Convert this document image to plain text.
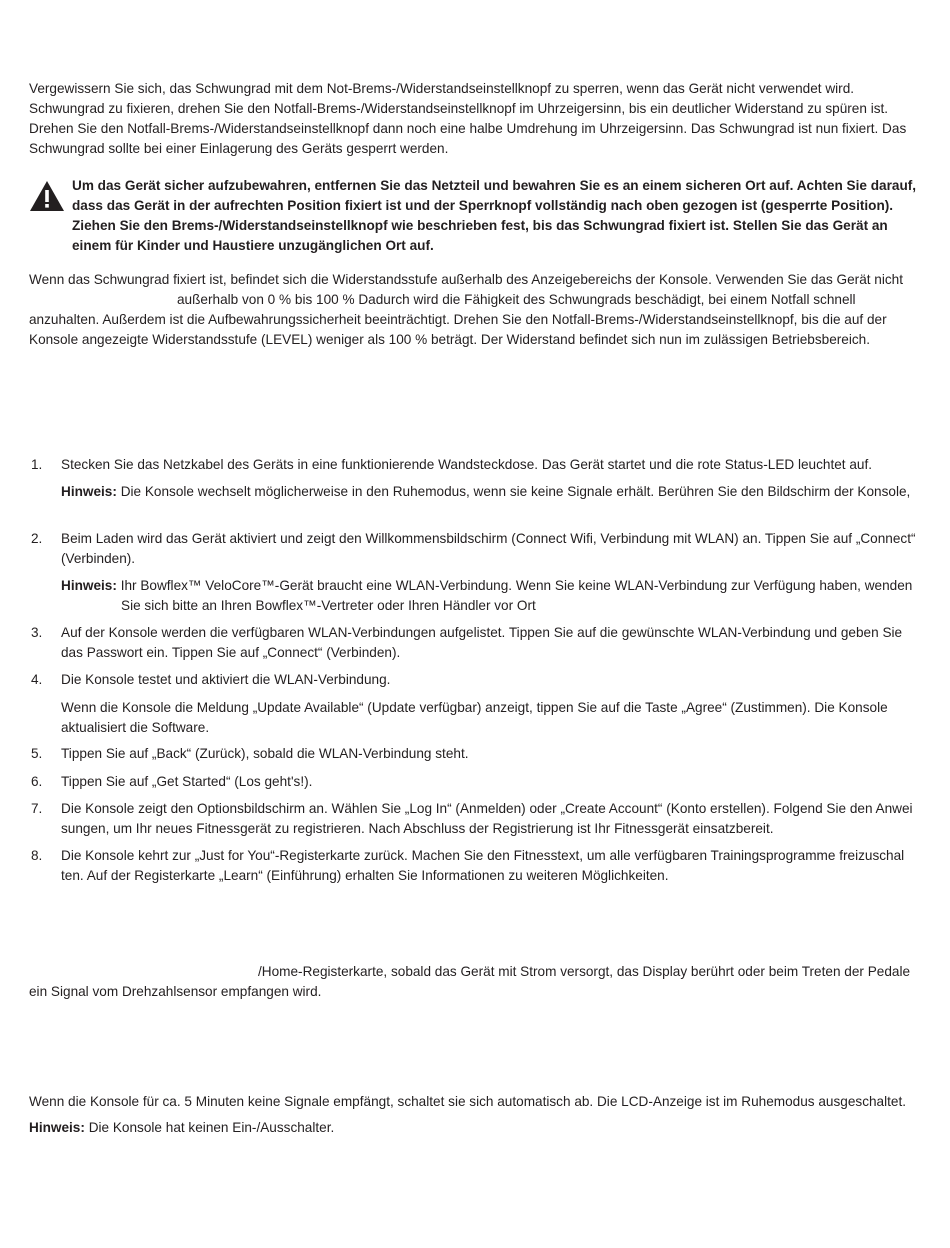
Vergewissern Sie sich, das Schwungrad mit dem Not-Brems-/Widerstandseinstellknopf zu sperren, wenn das Gerät nicht verwendet wird. Schwungrad zu fixieren, drehen Sie den Notfall-Brems-/Widerstandseinstellknopf im Uhrzeigersinn, bis ein deutlicher Widerstand zu spüren ist. Drehen Sie den Notfall-Brems-/Widerstandseinstellknopf dann noch eine halbe Umdrehung im Uhrzeigersinn. Das Schwungrad ist nun fixiert. Das Schwungrad sollte bei einer Einlagerung des Geräts gesperrt werden.

Um das Gerät sicher aufzubewahren, entfernen Sie das Netzteil und bewahren Sie es an einem sicheren Ort auf. Achten Sie darauf, dass das Gerät in der aufrechten Position fixiert ist und der Sperrknopf vollständig nach oben gezogen ist (gesperrte Position). Ziehen Sie den Brems-/Widerstandseinstellknopf wie beschrieben fest, bis das Schwungrad fixiert ist. Stellen Sie das Gerät an einem für Kinder und Haustiere unzugänglichen Ort auf.

Wenn das Schwungrad fixiert ist, befindet sich die Widerstandsstufe außerhalb des Anzeigebereichs der Konsole. Verwenden Sie das Gerät nicht

außerhalb von 0 % bis 100 % Dadurch wird die Fähigkeit des Schwungrads beschädigt, bei einem Notfall schnell

anzuhalten. Außerdem ist die Aufbewahrungssicherheit beeinträchtigt. Drehen Sie den Notfall-Brems-/Widerstandseinstellknopf, bis die auf der Konsole angezeigte Widerstandsstufe (LEVEL) weniger als 100 % beträgt. Der Widerstand befindet sich nun im zulässigen Betriebsbereich.

1.	Stecken Sie das Netzkabel des Geräts in eine funktionierende Wandsteckdose. Das Gerät startet und die rote Status-LED leuchtet auf.

Hinweis: Die Konsole wechselt möglicherweise in den Ruhemodus, wenn sie keine Signale erhält. Berühren Sie den Bildschirm der Konsole,

2.	Beim Laden wird das Gerät aktiviert und zeigt den Willkommensbildschirm (Connect Wifi, Verbindung mit WLAN) an. Tippen Sie auf „Connect“ (Verbinden).

Hinweis: Ihr Bowflex™ VeloCore™-Gerät braucht eine WLAN-Verbindung. Wenn Sie keine WLAN-Verbindung zur Verfügung haben, wenden

Sie sich bitte an Ihren Bowflex™-Vertreter oder Ihren Händler vor Ort

3.	Auf der Konsole werden die verfügbaren WLAN-Verbindungen aufgelistet. Tippen Sie auf die gewünschte WLAN-Verbindung und geben Sie das Passwort ein. Tippen Sie auf „Connect“ (Verbinden).

4.	Die Konsole testet und aktiviert die WLAN-Verbindung.

Wenn die Konsole die Meldung „Update Available“ (Update verfügbar) anzeigt, tippen Sie auf die Taste „Agree“ (Zustimmen). Die Konsole aktualisiert die Software.

5.	Tippen Sie auf „Back“ (Zurück), sobald die WLAN-Verbindung steht.

6.	Tippen Sie auf „Get Started“ (Los geht's!).

7.	Die Konsole zeigt den Optionsbildschirm an. Wählen Sie „Log In“ (Anmelden) oder „Create Account“ (Konto erstellen). Folgend Sie den Anwei sungen, um Ihr neues Fitnessgerät zu registrieren. Nach Abschluss der Registrierung ist Ihr Fitnessgerät einsatzbereit.

8.	Die Konsole kehrt zur „Just for You“-Registerkarte zurück. Machen Sie den Fitnesstext, um alle verfügbaren Trainingsprogramme freizuschal ten. Auf der Registerkarte „Learn“ (Einführung) erhalten Sie Informationen zu weiteren Möglichkeiten.

/Home-Registerkarte, sobald das Gerät mit Strom versorgt, das Display berührt oder beim Treten der Pedale

ein Signal vom Drehzahlsensor empfangen wird.

Wenn die Konsole für ca. 5 Minuten keine Signale empfängt, schaltet sie sich automatisch ab. Die LCD-Anzeige ist im Ruhemodus ausgeschaltet.

Hinweis: Die Konsole hat keinen Ein-/Ausschalter.
